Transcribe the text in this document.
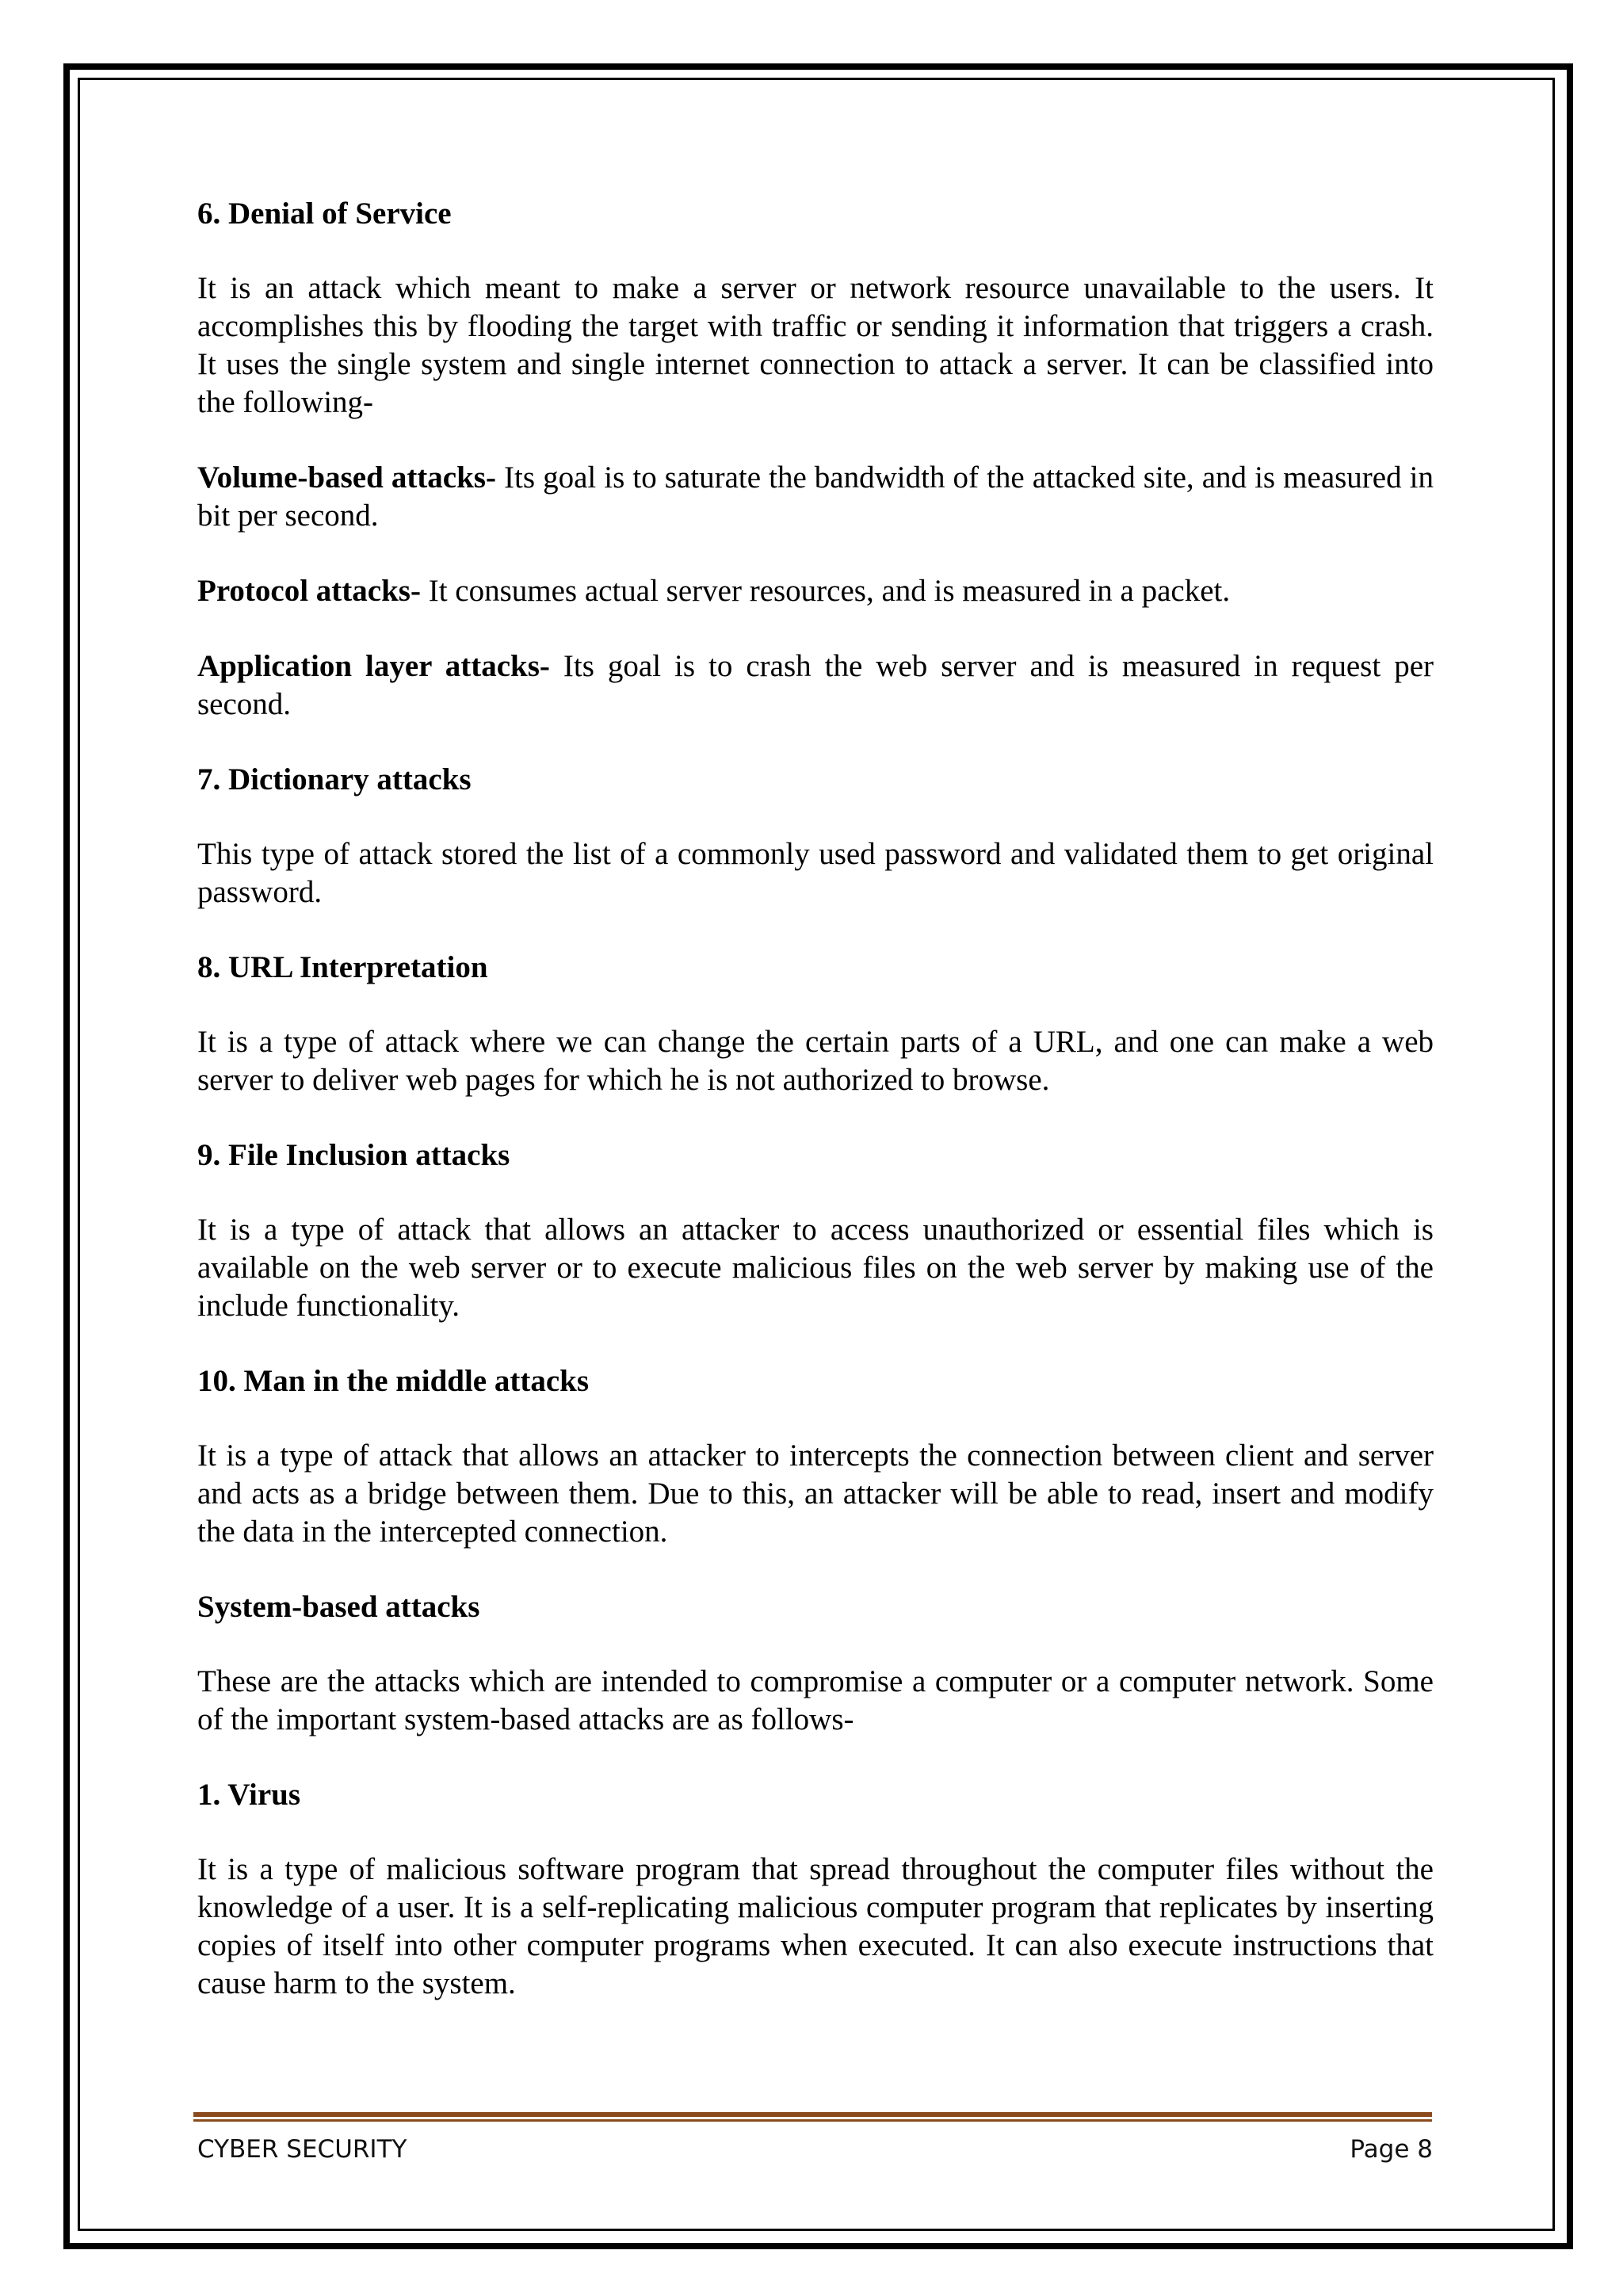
6. Denial of Service
It is an attack which meant to make a server or network resource unavailable to the users. It accomplishes this by flooding the target with traffic or sending it information that triggers a crash. It uses the single system and single internet connection to attack a server. It can be classified into the following-
Volume-based attacks- Its goal is to saturate the bandwidth of the attacked site, and is measured in bit per second.
Protocol attacks- It consumes actual server resources, and is measured in a packet.
Application layer attacks- Its goal is to crash the web server and is measured in request per second.
7. Dictionary attacks
This type of attack stored the list of a commonly used password and validated them to get original password.
8. URL Interpretation
It is a type of attack where we can change the certain parts of a URL, and one can make a web server to deliver web pages for which he is not authorized to browse.
9. File Inclusion attacks
It is a type of attack that allows an attacker to access unauthorized or essential files which is available on the web server or to execute malicious files on the web server by making use of the include functionality.
10. Man in the middle attacks
It is a type of attack that allows an attacker to intercepts the connection between client and server and acts as a bridge between them. Due to this, an attacker will be able to read, insert and modify the data in the intercepted connection.
System-based attacks
These are the attacks which are intended to compromise a computer or a computer network. Some of the important system-based attacks are as follows-
1. Virus
It is a type of malicious software program that spread throughout the computer files without the knowledge of a user. It is a self-replicating malicious computer program that replicates by inserting copies of itself into other computer programs when executed. It can also execute instructions that cause harm to the system.
CYBER SECURITY	Page 8
